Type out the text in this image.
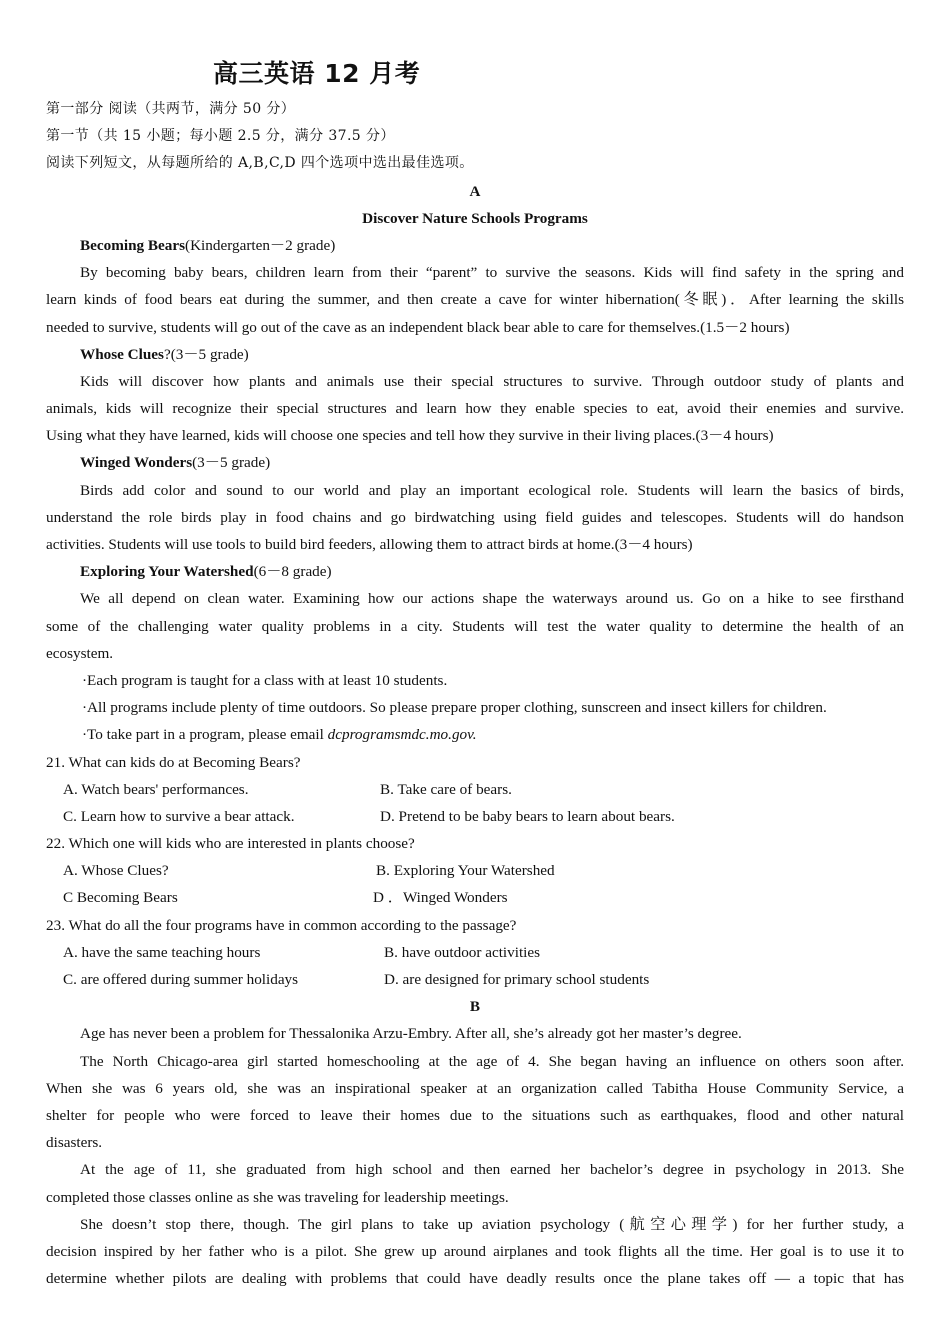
高三英语 12 月考
第一部分 阅读（共两节，满分 50 分）
第一节（共 15 小题；每小题 2.5 分，满分 37.5 分）
阅读下列短文，从每题所给的 A,B,C,D 四个选项中选出最佳选项。
A
Discover Nature Schools Programs
Becoming Bears(Kindergarten－2 grade)
By becoming baby bears, children learn from their “parent” to survive the seasons. Kids will find safety in the spring and
learn kinds of food bears eat during the summer, and then create a cave for winter hibernation(冬眠)．After learning the skills
needed to survive, students will go out of the cave as an independent black bear able to care for themselves.(1.5－2 hours)
Whose Clues?(3－5 grade)
Kids will discover how plants and animals use their special structures to survive. Through outdoor study of plants and
animals, kids will recognize their special structures and learn how they enable species to eat, avoid their enemies and survive.
Using what they have learned, kids will choose one species and tell how they survive in their living places.(3－4 hours)
Winged Wonders(3－5 grade)
Birds add color and sound to our world and play an important ecological role. Students will learn the basics of birds,
understand the role birds play in food chains and go birdwatching using field guides and telescopes. Students will do handson
activities. Students will use tools to build bird feeders, allowing them to attract birds at home.(3－4 hours)
Exploring Your Watershed(6－8 grade)
We all depend on clean water. Examining how our actions shape the waterways around us. Go on a hike to see firsthand
some of the challenging water quality problems in a city. Students will test the water quality to determine the health of an
ecosystem.
·Each program is taught for a class with at least 10 students.
·All programs include plenty of time outdoors. So please prepare proper clothing, sunscreen and insect killers for children.
·To take part in a program, please email dcprogramsmdc.mo.gov.
21. What can kids do at Becoming Bears?
A. Watch bears' performances.	B. Take care of bears.
C. Learn how to survive a bear attack.	D. Pretend to be baby bears to learn about bears.
22. Which one will kids who are interested in plants choose?
A. Whose Clues?	B. Exploring Your Watershed
C Becoming Bears	D ．Winged Wonders
23. What do all the four programs have in common according to the passage?
A. have the same teaching hours	B. have outdoor activities
C. are offered during summer holidays	D. are designed for primary school students
B
Age has never been a problem for Thessalonika Arzu-Embry. After all, she’s already got her master’s degree.
The North Chicago-area girl started homeschooling at the age of 4. She began having an influence on others soon after.
When she was 6 years old, she was an inspirational speaker at an organization called Tabitha House Community Service, a
shelter for people who were forced to leave their homes due to the situations such as earthquakes, flood and other natural
disasters.
At the age of 11, she graduated from high school and then earned her bachelor’s degree in psychology in 2013. She
completed those classes online as she was traveling for leadership meetings.
She doesn’t stop there, though. The girl plans to take up aviation psychology (航空心理学) for her further study, a
decision inspired by her father who is a pilot. She grew up around airplanes and took flights all the time. Her goal is to use it to
determine whether pilots are dealing with problems that could have deadly results once the plane takes off — a topic that has
